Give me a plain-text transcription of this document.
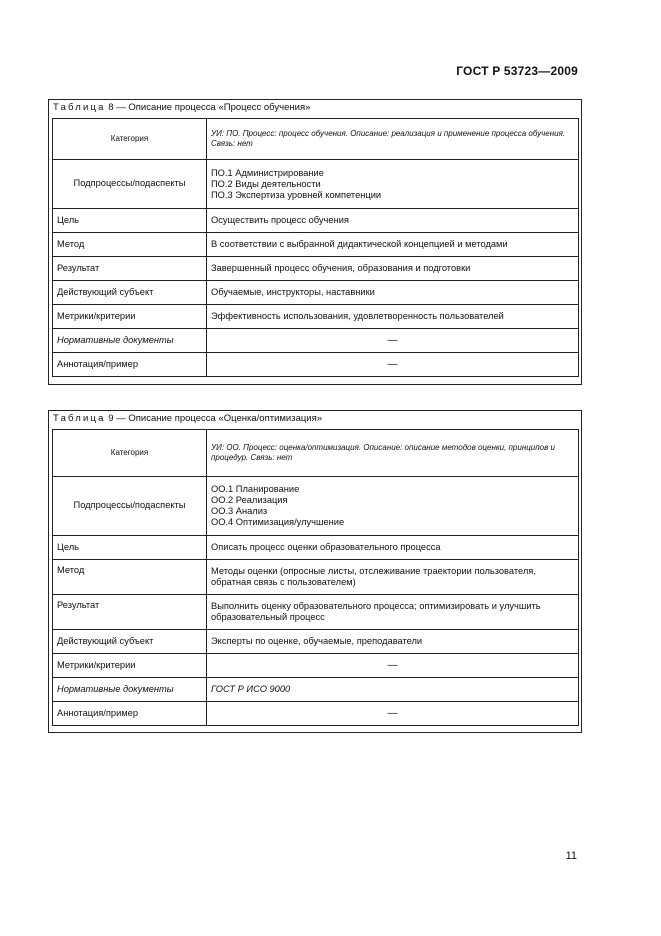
ГОСТ Р 53723—2009
Таблица 8 — Описание процесса «Процесс обучения»
Категория	УИ: ПО. Процесс: процесс обучения. Описание: реализация и применение процесса обучения. Связь: нет
Подпроцессы/подаспекты	ПО.1 Администрирование
ПО.2 Виды деятельности
ПО.3 Экспертиза уровней компетенции

Цель	Осуществить процесс обучения
Метод	В соответствии с выбранной дидактической концепцией и методами
Результат	Завершенный процесс обучения, образования и подготовки
Действующий субъект	Обучаемые, инструкторы, наставники
Метрики/критерии	Эффективность использования, удовлетворенность пользователей
Нормативные документы	—
Аннотация/пример	—
Таблица 9 — Описание процесса «Оценка/оптимизация»
Категория	УИ: ОО. Процесс: оценка/оптимизация. Описание: описание методов оценки, принципов и процедур. Связь: нет
Подпроцессы/подаспекты	ОО.1 Планирование
ОО.2 Реализация
ОО.3 Анализ
ОО.4 Оптимизация/улучшение

Цель	Описать процесс оценки образовательного процесса
Метод	Методы оценки (опросные листы, отслеживание траектории пользователя, обратная связь с пользователем)
Результат	Выполнить оценку образовательного процесса; оптимизировать и улучшить образовательный процесс
Действующий субъект	Эксперты по оценке, обучаемые, преподаватели
Метрики/критерии	—
Нормативные документы	ГОСТ Р ИСО 9000
Аннотация/пример	—
11
